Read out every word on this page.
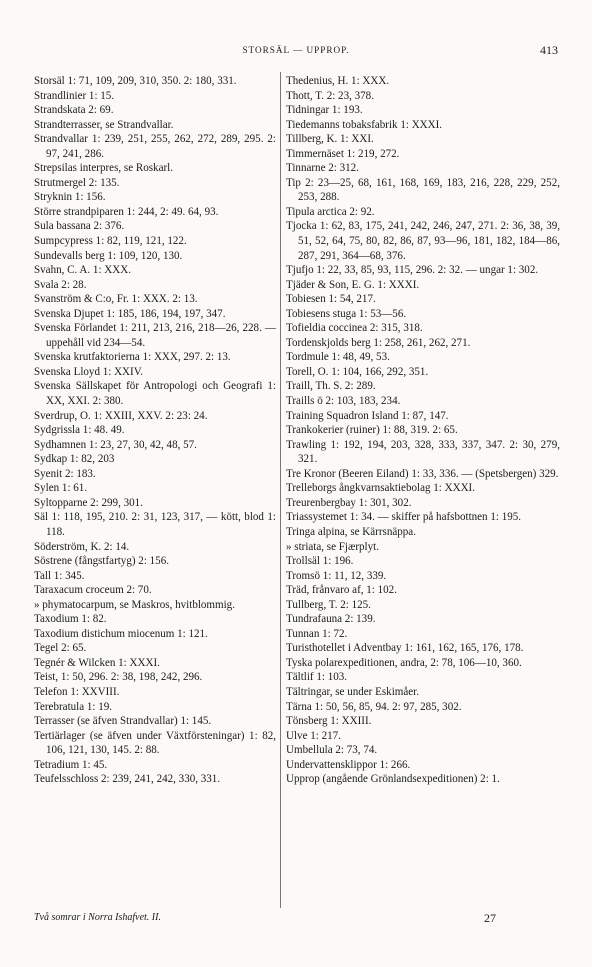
STORSÄL — UPPROP.	413
Storsäl 1: 71, 109, 209, 310, 350. 2: 180, 331.
Strandlinier 1: 15.
Strandskata 2: 69.
Strandterrasser, se Strandvallar.
Strandvallar 1: 239, 251, 255, 262, 272, 289, 295. 2: 97, 241, 286.
Strepsilas interpres, se Roskarl.
Strutmergel 2: 135.
Stryknin 1: 156.
Större strandpiparen 1: 244, 2: 49. 64, 93.
Sula bassana 2: 376.
Sumpcypress 1: 82, 119, 121, 122.
Sundevalls berg 1: 109, 120, 130.
Svahn, C. A. 1: XXX.
Svala 2: 28.
Svanström & C:o, Fr. 1: XXX. 2: 13.
Svenska Djupet 1: 185, 186, 194, 197, 347.
Svenska Förlandet 1: 211, 213, 216, 218—26, 228. — uppehåll vid 234—54.
Svenska krutfaktorierna 1: XXX, 297. 2: 13.
Svenska Lloyd 1: XXIV.
Svenska Sällskapet för Antropologi och Geografi 1: XX, XXI. 2: 380.
Sverdrup, O. 1: XXIII, XXV. 2: 23: 24.
Sydgrissla 1: 48. 49.
Sydhamnen 1: 23, 27, 30, 42, 48, 57.
Sydkap 1: 82, 203
Syenit 2: 183.
Sylen 1: 61.
Syltopparne 2: 299, 301.
Säl 1: 118, 195, 210. 2: 31, 123, 317, — kött, blod 1: 118.
Söderström, K. 2: 14.
Söstrene (fångstfartyg) 2: 156.
Tall 1: 345.
Taraxacum croceum 2: 70.
» phymatocarpum, se Maskros, hvitblommig.
Taxodium 1: 82.
Taxodium distichum miocenum 1: 121.
Tegel 2: 65.
Tegnér & Wilcken 1: XXXI.
Teist, 1: 50, 296. 2: 38, 198, 242, 296.
Telefon 1: XXVIII.
Terebratula 1: 19.
Terrasser (se äfven Strandvallar) 1: 145.
Tertiärlager (se äfven under Växtförsteningar) 1: 82, 106, 121, 130, 145. 2: 88.
Tetradium 1: 45.
Teufelsschloss 2: 239, 241, 242, 330, 331.
Thedenius, H. 1: XXX.
Thott, T. 2: 23, 378.
Tidningar 1: 193.
Tiedemanns tobaksfabrik 1: XXXI.
Tillberg, K. 1: XXI.
Timmernäset 1: 219, 272.
Tinnarne 2: 312.
Tip 2: 23—25, 68, 161, 168, 169, 183, 216, 228, 229, 252, 253, 288.
Tipula arctica 2: 92.
Tjocka 1: 62, 83, 175, 241, 242, 246, 247, 271. 2: 36, 38, 39, 51, 52, 64, 75, 80, 82, 86, 87, 93—96, 181, 182, 184—86, 287, 291, 364—68, 376.
Tjufjo 1: 22, 33, 85, 93, 115, 296. 2: 32. — ungar 1: 302.
Tjäder & Son, E. G. 1: XXXI.
Tobiesen 1: 54, 217.
Tobiesens stuga 1: 53—56.
Tofieldia coccinea 2: 315, 318.
Tordenskjolds berg 1: 258, 261, 262, 271.
Tordmule 1: 48, 49, 53.
Torell, O. 1: 104, 166, 292, 351.
Traill, Th. S. 2: 289.
Traills ö 2: 103, 183, 234.
Training Squadron Island 1: 87, 147.
Trankokerier (ruiner) 1: 88, 319. 2: 65.
Trawling 1: 192, 194, 203, 328, 333, 337, 347. 2: 30, 279, 321.
Tre Kronor (Beeren Eiland) 1: 33, 336. — (Spetsbergen) 329.
Trelleborgs ångkvarnsaktiebolag 1: XXXI.
Treurenbergbay 1: 301, 302.
Triassystemet 1: 34. — skiffer på hafsbottnen 1: 195.
Tringa alpina, se Kärrsnäppa.
» striata, se Fjærplyt.
Trollsäl 1: 196.
Tromsö 1: 11, 12, 339.
Träd, frånvaro af, 1: 102.
Tullberg, T. 2: 125.
Tundrafauna 2: 139.
Tunnan 1: 72.
Turisthotellet i Adventbay 1: 161, 162, 165, 176, 178.
Tyska polarexpeditionen, andra, 2: 78, 106—10, 360.
Tältlif 1: 103.
Tältringar, se under Eskimåer.
Tärna 1: 50, 56, 85, 94. 2: 97, 285, 302.
Tönsberg 1: XXIII.
Ulve 1: 217.
Umbellula 2: 73, 74.
Undervattensklippor 1: 266.
Upprop (angående Grönlandsexpeditionen) 2: 1.
Två somrar i Norra Ishafvet. II.	27
